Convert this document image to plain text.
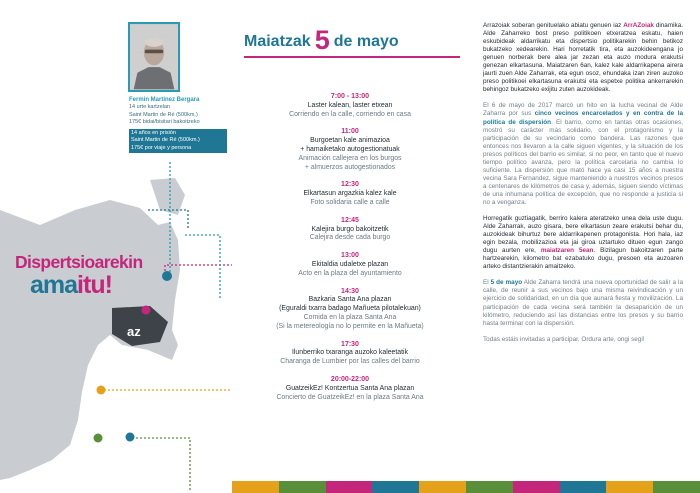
Fermin Martinez Bergara
14 urte kartzelan
Saint Martin de Ré (500km.)
175€ bidai/bisitari bakoitzeko
14 años en prisión
Saint Martin de Ré (500km.)
175€ por viaje y persona
Dispertsioarekin
amaitu!
az
Maiatzak 5 de mayo
7:00 - 13:00
Laster kalean, laster etxean
Corriendo en la calle, corriendo en casa
11:00
Burgoetan kale animazioa
+ hamaiketako autogestionatuak
Animación callejera en los burgos
+ almuerzos autogestionados
12:30
Elkartasun argazkia kalez kale
Foto solidaria calle a calle
12:45
Kalejira burgo bakoitzetik
Calejira desde cada burgo
13:00
Ekitaldia udaletxe plazan
Acto en la plaza del ayuntamiento
14:30
Bazkaria Santa Ana plazan
(Eguraldi txarra badago Mañueta pilotalekuan)
Comida en la plaza Santa Ana
(Si la metereología no lo permite en la Mañueta)
17:30
Ilunberriko txaranga auzoko kaleetatik
Charanga de Lumbier por las calles del barrio
20:00-22:00
GuatzeikEz! Kontzertua Santa Ana plazan
Concierto de GuatzeikEz! en la plaza Santa Ana

Arrazoiak soberan genituelako abiatu genuen iaz ArrAZoiak dinamika. Alde Zaharreko bost preso politikoen etxeratzea eskatu, haien eskubideak aldarrikatu eta dispertsio politikarekin behin betikoz bukatzeko xedearekin. Hari horretatik tira, eta auzokideengana jo genuen norberak bere alea jar zezan eta auzo modura erakutsi genezan elkartasuna. Maiatzaren 6an, kalez kale aldarrikapena airera jaurti zuen Alde Zaharrak, eta egun osoz, ehundaka izan ziren auzoko preso politikoei elkartasuna erakutsi eta espetxe politika ankerrarekin behingoz bukatzeko exijitu zuten auzokideak.

El 6 de mayo de 2017 marcó un hito en la lucha vecinal de Alde Zaharra por sus cinco vecinos encarcelados y en contra de la política de dispersión. El barrio, como en tantas otras ocasiones, mostró su carácter más solidario, con el protagonismo y la participación de su vecindario como bandera. Las razones que entonces nos llevaron a la calle siguen vigentes, y la situación de los presos políticos del barrio es similar, si no peor, en tanto que el nuevo tiempo político avanza, pero la política carcelaria no cambia lo suficiente. La dispersión que mató hace ya casi 15 años a nuestra vecina Sara Fernandez, sigue manteniendo a nuestros vecinos presos a centenares de kilómetros de casa y, además, siguen siendo víctimas de una inhumana política de excepción, que no responde a justicia si no a venganza.

Horregatik guztiagatik, berriro kalera ateratzeko unea dela uste dugu. Alde Zaharrak, auzo gisara, bere elkartasun zeare erakutsi behar du, auzokideak bihurtuz bere aldarrikapenen protagonista. Hori hala, iaz egin bezala, mobilizazioa eta jai giroa uztartuko dituen egun zango dugu aurten ere, maiatzaren 5ean. Bizilagun bakoitzaren parte hartzearekin, kilometro bat ezabatuko dugu, presoen eta auzoaren arteko distantzierakin amaitzeko.

El 5 de mayo Alde Zaharra tendrá una nueva oportunidad de salir a la calle, de reunir a sus vecinos bajo una misma reivindicación y un ejercicio de solidaridad, en un día que aunará fiesta y movilización. La participación de cada vecina será también la desaparición de un kilómetro, reduciendo así las distancias entre los presos y su barrio hasta terminar con la dispersión.

Todas estáis invitadas a participar. Ordura arte, ongi segi!
